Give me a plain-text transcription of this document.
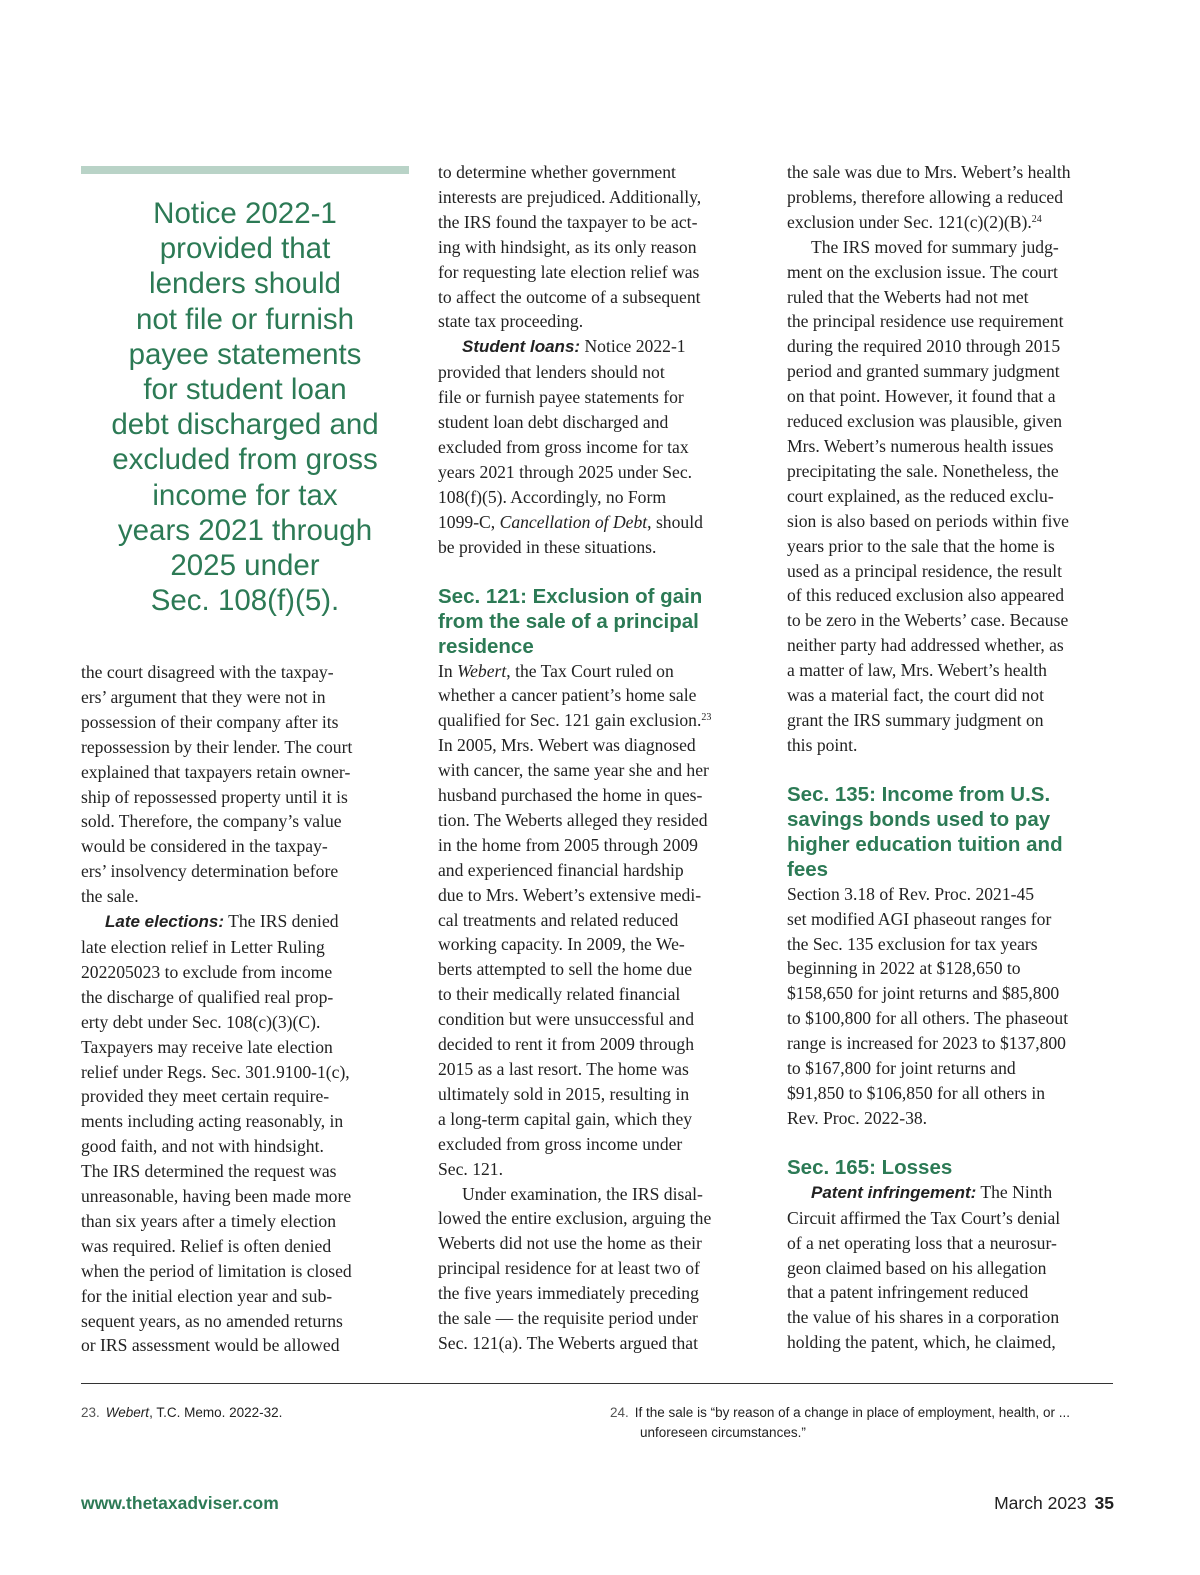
Notice 2022-1
provided that
lenders should
not file or furnish
payee statements
for student loan
debt discharged and
excluded from gross
income for tax
years 2021 through
2025 under
Sec. 108(f)(5).

the court disagreed with the taxpay-
ers’ argument that they were not in
possession of their company after its
repossession by their lender. The court
explained that taxpayers retain owner-
ship of repossessed property until it is
sold. Therefore, the company’s value
would be considered in the taxpay-
ers’ insolvency determination before
the sale.

Late elections: The IRS denied
late election relief in Letter Ruling
202205023 to exclude from income
the discharge of qualified real prop-
erty debt under Sec. 108(c)(3)(C).
Taxpayers may receive late election
relief under Regs. Sec. 301.9100-1(c),
provided they meet certain require-
ments including acting reasonably, in
good faith, and not with hindsight.
The IRS determined the request was
unreasonable, having been made more
than six years after a timely election
was required. Relief is often denied
when the period of limitation is closed
for the initial election year and sub-
sequent years, as no amended returns
or IRS assessment would be allowed

to determine whether government
interests are prejudiced. Additionally,
the IRS found the taxpayer to be act-
ing with hindsight, as its only reason
for requesting late election relief was
to affect the outcome of a subsequent
state tax proceeding.

Student loans: Notice 2022-1
provided that lenders should not
file or furnish payee statements for
student loan debt discharged and
excluded from gross income for tax
years 2021 through 2025 under Sec.
108(f)(5). Accordingly, no Form
1099-C, Cancellation of Debt, should
be provided in these situations.

Sec. 121: Exclusion of gain
from the sale of a principal
residence

In Webert, the Tax Court ruled on
whether a cancer patient’s home sale
qualified for Sec. 121 gain exclusion.$^{23}$
In 2005, Mrs. Webert was diagnosed
with cancer, the same year she and her
husband purchased the home in ques-
tion. The Weberts alleged they resided
in the home from 2005 through 2009
and experienced financial hardship
due to Mrs. Webert’s extensive medi-
cal treatments and related reduced
working capacity. In 2009, the We-
berts attempted to sell the home due
to their medically related financial
condition but were unsuccessful and
decided to rent it from 2009 through
2015 as a last resort. The home was
ultimately sold in 2015, resulting in
a long-term capital gain, which they
excluded from gross income under
Sec. 121.

Under examination, the IRS disal-
lowed the entire exclusion, arguing the
Weberts did not use the home as their
principal residence for at least two of
the five years immediately preceding
the sale — the requisite period under
Sec. 121(a). The Weberts argued that

the sale was due to Mrs. Webert’s health
problems, therefore allowing a reduced
exclusion under Sec. 121(c)(2)(B).$^{24}$

The IRS moved for summary judg-
ment on the exclusion issue. The court
ruled that the Weberts had not met
the principal residence use requirement
during the required 2010 through 2015
period and granted summary judgment
on that point. However, it found that a
reduced exclusion was plausible, given
Mrs. Webert’s numerous health issues
precipitating the sale. Nonetheless, the
court explained, as the reduced exclu-
sion is also based on periods within five
years prior to the sale that the home is
used as a principal residence, the result
of this reduced exclusion also appeared
to be zero in the Weberts’ case. Because
neither party had addressed whether, as
a matter of law, Mrs. Webert’s health
was a material fact, the court did not
grant the IRS summary judgment on
this point.

Sec. 135: Income from U.S.
savings bonds used to pay
higher education tuition and
fees

Section 3.18 of Rev. Proc. 2021-45
set modified AGI phaseout ranges for
the Sec. 135 exclusion for tax years
beginning in 2022 at $128,650 to
$158,650 for joint returns and $85,800
to $100,800 for all others. The phaseout
range is increased for 2023 to $137,800
to $167,800 for joint returns and
$91,850 to $106,850 for all others in
Rev. Proc. 2022-38.

Sec. 165: Losses

Patent infringement: The Ninth
Circuit affirmed the Tax Court’s denial
of a net operating loss that a neurosur-
geon claimed based on his allegation
that a patent infringement reduced
the value of his shares in a corporation
holding the patent, which, he claimed,

23. Webert, T.C. Memo. 2022-32.	24. If the sale is “by reason of a change in place of employment, health, or ...
unforeseen circumstances.”
www.thetaxadviser.com	March 2023 35
